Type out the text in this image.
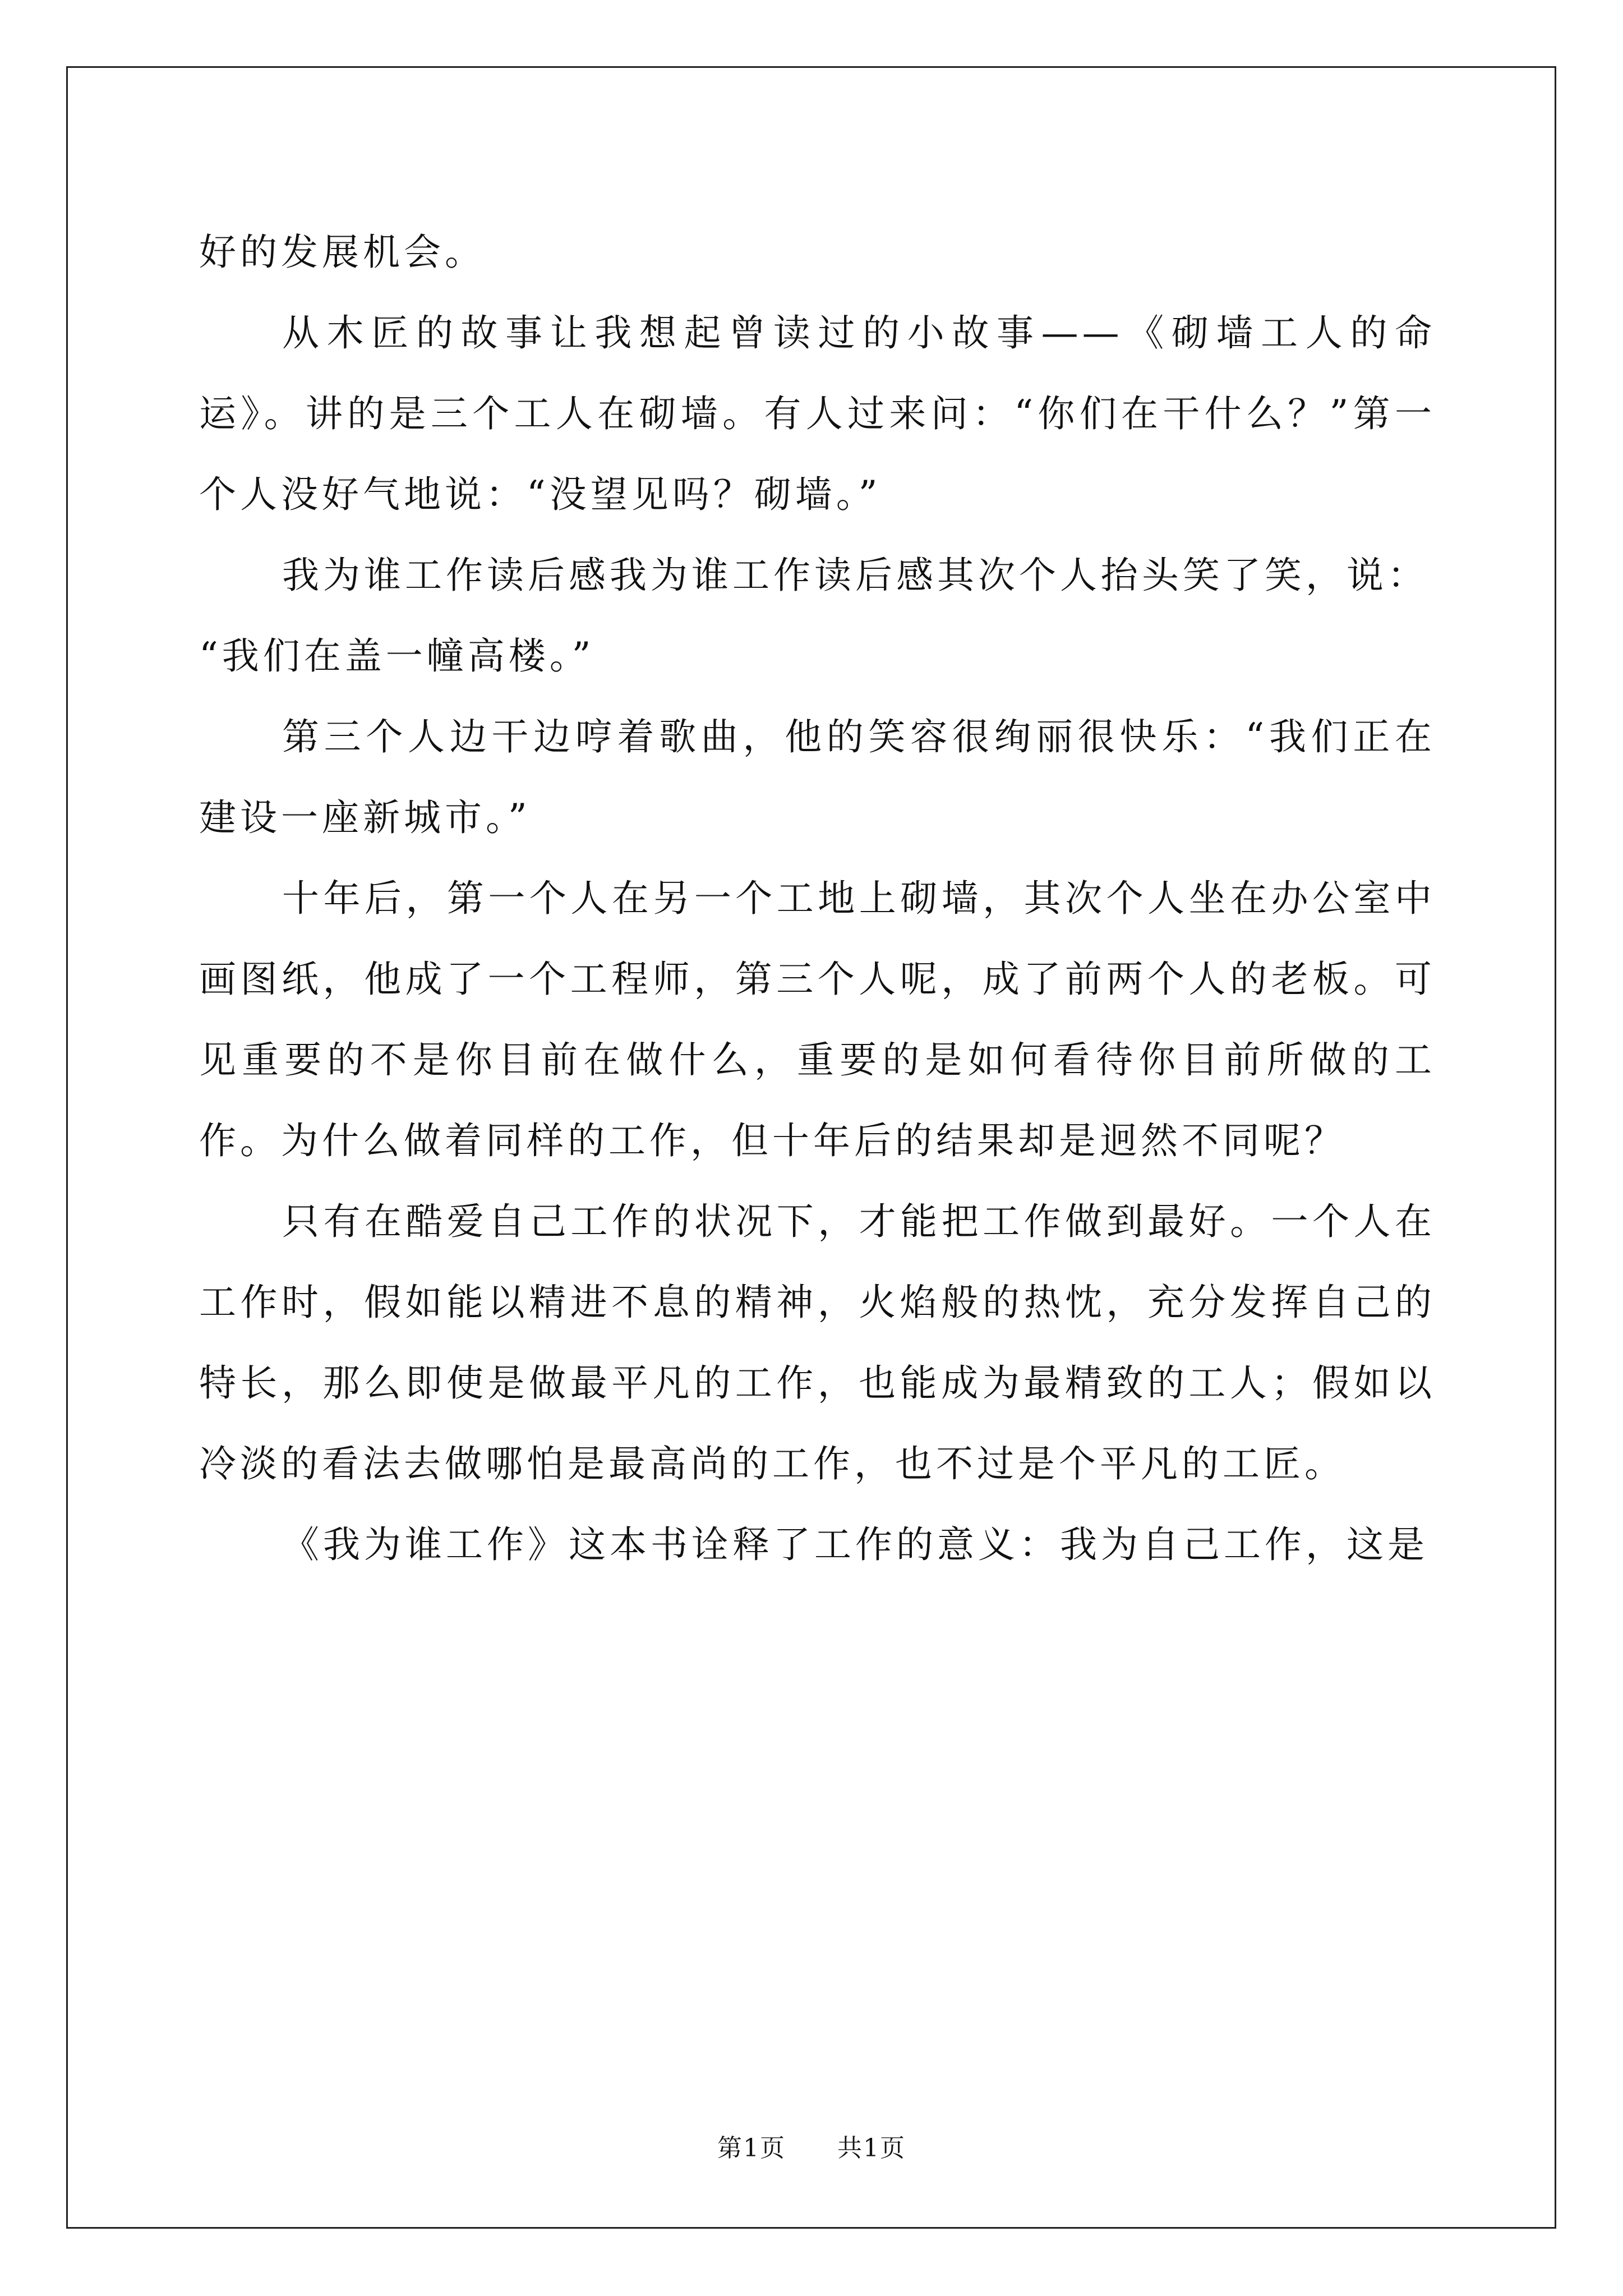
好的发展机会。

从木匠的故事让我想起曾读过的小故事——《砌墙工人的命运》。讲的是三个工人在砌墙。有人过来问：“你们在干什么？”第一个人没好气地说：“没望见吗？砌墙。”

我为谁工作读后感我为谁工作读后感其次个人抬头笑了笑，说：

“我们在盖一幢高楼。”

第三个人边干边哼着歌曲，他的笑容很绚丽很快乐：“我们正在建设一座新城市。”

十年后，第一个人在另一个工地上砌墙，其次个人坐在办公室中画图纸，他成了一个工程师，第三个人呢，成了前两个人的老板。可见重要的不是你目前在做什么，重要的是如何看待你目前所做的工作。为什么做着同样的工作，但十年后的结果却是迥然不同呢？

只有在酷爱自己工作的状况下，才能把工作做到最好。一个人在工作时，假如能以精进不息的精神，火焰般的热忱，充分发挥自己的特长，那么即使是做最平凡的工作，也能成为最精致的工人；假如以冷淡的看法去做哪怕是最高尚的工作，也不过是个平凡的工匠。

《我为谁工作》这本书诠释了工作的意义：我为自己工作，这是

第1页 共1页
